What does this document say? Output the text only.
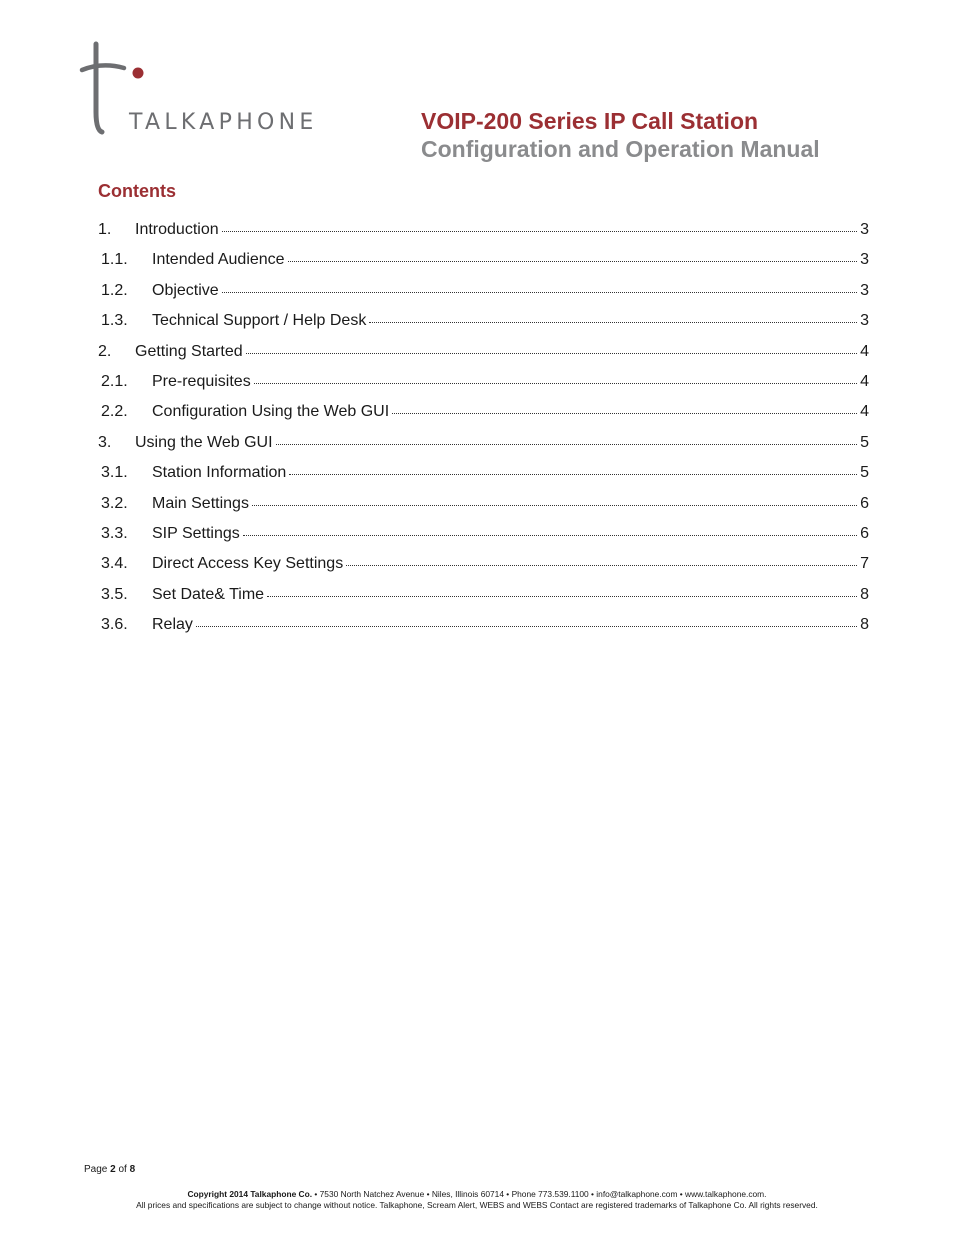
TALKAPHONE	VOIP-200 Series IP Call Station
Configuration and Operation Manual
Contents
1.	Introduction	3
1.1.	Intended Audience	3
1.2.	Objective	3
1.3.	Technical Support / Help Desk	3
2.	Getting Started	4
2.1.	Pre-requisites	4
2.2.	Configuration Using the Web GUI	4
3.	Using the Web GUI	5
3.1.	Station Information	5
3.2.	Main Settings	6
3.3.	SIP Settings	6
3.4.	Direct Access Key Settings	7
3.5.	Set Date& Time	8
3.6.	Relay	8
Page 2 of 8
Copyright 2014 Talkaphone Co. • 7530 North Natchez Avenue • Niles, Illinois 60714 • Phone 773.539.1100 • info@talkaphone.com • www.talkaphone.com.
All prices and specifications are subject to change without notice. Talkaphone, Scream Alert, WEBS and WEBS Contact are registered trademarks of Talkaphone Co. All rights reserved.
